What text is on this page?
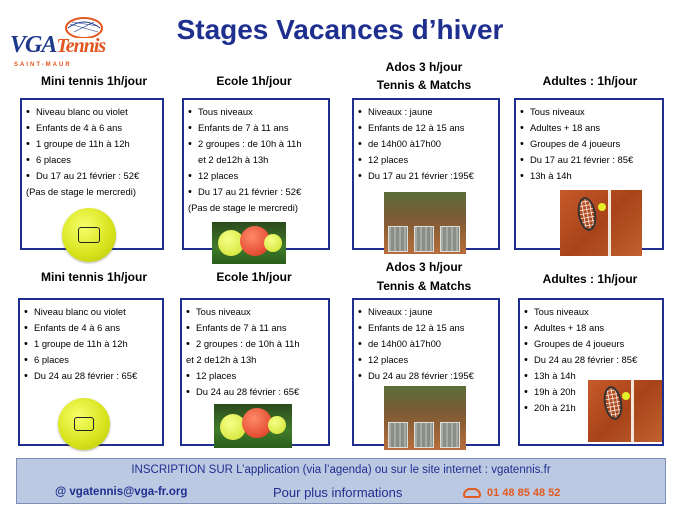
VGATennis
SAINT-MAUR
Stages Vacances d’hiver
Mini tennis 1h/jour	Ecole 1h/jour
Ados 3 h/jour
Tennis & Matchs	Adultes : 1h/jour
• Niveau blanc ou violet
• Enfants de 4 à 6 ans
• 1 groupe de 11h à 12h
• 6 places
• Du 17 au 21 février : 52€
(Pas de stage le mercredi)
• Tous niveaux
• Enfants de 7 à 11 ans
• 2 groupes : de 10h à 11h
et 2 de12h à 13h
• 12 places
• Du 17 au 21 février : 52€
(Pas de stage le mercredi)
• Niveaux : jaune
• Enfants de 12 à 15 ans
• de 14h00 à17h00
• 12 places
• Du 17 au 21 février :195€
• Tous niveaux
• Adultes + 18 ans
• Groupes de 4 joueurs
• Du 17 au 21 février : 85€
• 13h à 14h
Mini tennis 1h/jour	Ecole 1h/jour
Ados 3 h/jour
Tennis & Matchs	Adultes : 1h/jour
• Niveau blanc ou violet
• Enfants de 4 à 6 ans
• 1 groupe de 11h à 12h
• 6 places
• Du 24 au 28 février : 65€
• Tous niveaux
• Enfants de 7 à 11 ans
• 2 groupes : de 10h à 11h
et 2 de12h à 13h
• 12 places
• Du 24 au 28 février : 65€
• Niveaux : jaune
• Enfants de 12 à 15 ans
• de 14h00 à17h00
• 12 places
• Du 24 au 28 février :195€
• Tous niveaux
• Adultes + 18 ans
• Groupes de 4 joueurs
• Du 24 au 28 février : 85€
• 13h à 14h
• 19h à 20h
• 20h à 21h
INSCRIPTION SUR L’application (via l’agenda) ou sur le site internet : vgatennis.fr
@ vgatennis@vga-fr.org	Pour plus informations	01 48 85 48 52
